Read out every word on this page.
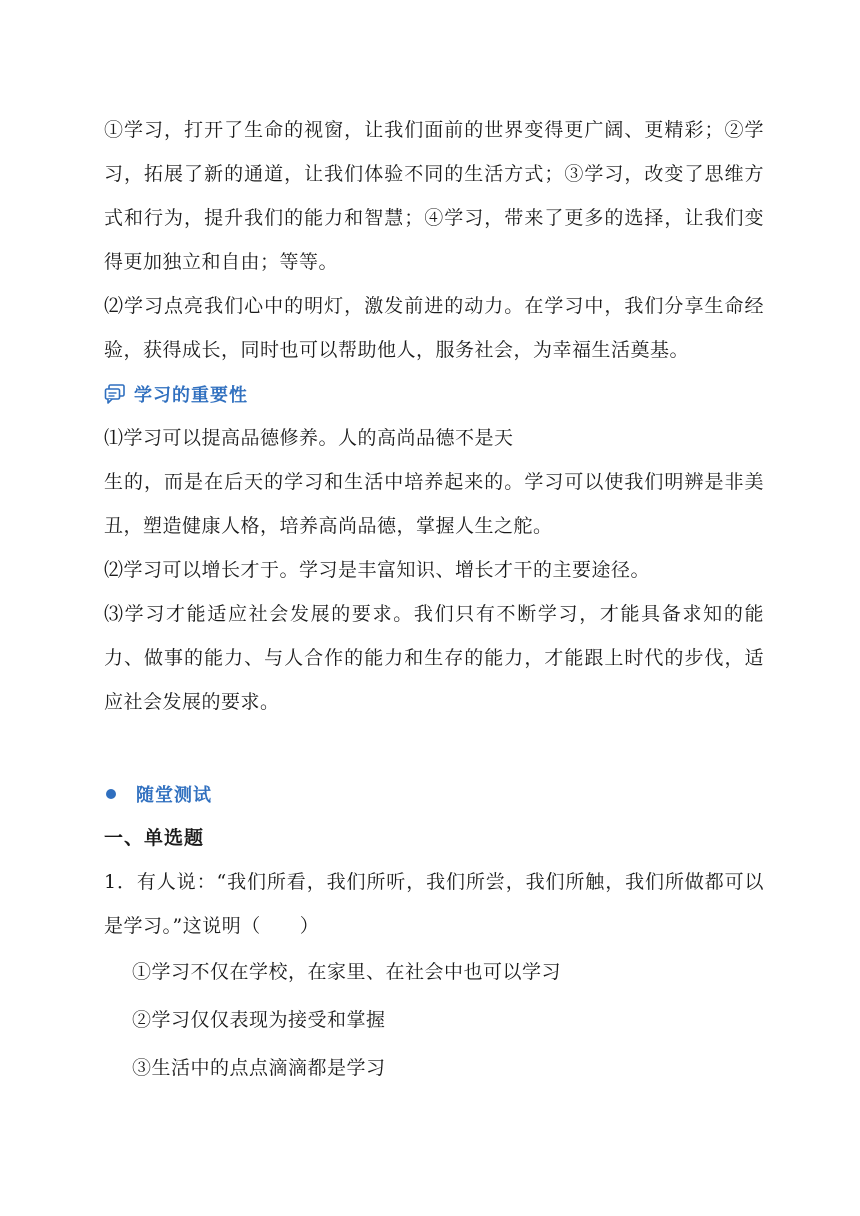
①学习，打开了生命的视窗，让我们面前的世界变得更广阔、更精彩；②学习，拓展了新的通道，让我们体验不同的生活方式；③学习，改变了思维方式和行为，提升我们的能力和智慧；④学习，带来了更多的选择，让我们变得更加独立和自由；等等。

⑵学习点亮我们心中的明灯，激发前进的动力。在学习中，我们分享生命经验，获得成长，同时也可以帮助他人，服务社会，为幸福生活奠基。

学习的重要性

⑴学习可以提高品德修养。人的高尚品德不是天

生的，而是在后天的学习和生活中培养起来的。学习可以使我们明辨是非美丑，塑造健康人格，培养高尚品德，掌握人生之舵。

⑵学习可以增长才于。学习是丰富知识、增长才干的主要途径。

⑶学习才能适应社会发展的要求。我们只有不断学习，才能具备求知的能力、做事的能力、与人合作的能力和生存的能力，才能跟上时代的步伐，适应社会发展的要求。

随堂测试
一、单选题

1．有人说：“我们所看，我们所听，我们所尝，我们所触，我们所做都可以是学习。”这说明（　　）

①学习不仅在学校，在家里、在社会中也可以学习
②学习仅仅表现为接受和掌握
③生活中的点点滴滴都是学习
